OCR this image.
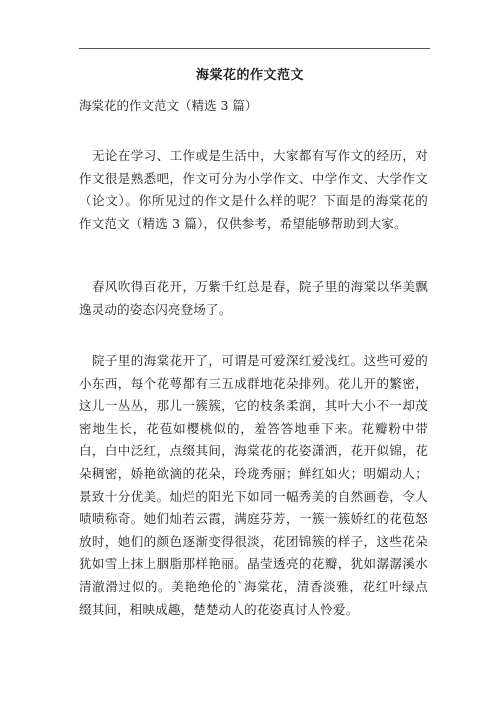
海棠花的作文范文

海棠花的作文范文（精选 3 篇）

无论在学习、工作或是生活中，大家都有写作文的经历，对作文很是熟悉吧，作文可分为小学作文、中学作文、大学作文（论文）。你所见过的作文是什么样的呢？下面是的海棠花的作文范文（精选 3 篇），仅供参考，希望能够帮助到大家。

春风吹得百花开，万紫千红总是春，院子里的海棠以华美飘逸灵动的姿态闪亮登场了。

院子里的海棠花开了，可谓是可爱深红爱浅红。这些可爱的小东西，每个花萼都有三五成群地花朵排列。花儿开的繁密，这儿一丛丛，那儿一簇簇，它的枝条柔润，其叶大小不一却茂密地生长，花苞如樱桃似的，羞答答地垂下来。花瓣粉中带白，白中泛红，点缀其间，海棠花的花姿潇洒，花开似锦，花朵稠密，娇艳欲滴的花朵，玲珑秀丽；鲜红如火；明媚动人；景致十分优美。灿烂的阳光下如同一幅秀美的自然画卷，令人啧啧称奇。她们灿若云霞，满庭芬芳，一簇一簇娇红的花苞怒放时，她们的颜色逐渐变得很淡，花团锦簇的样子，这些花朵犹如雪上抹上胭脂那样艳丽。晶莹透亮的花瓣，犹如潺潺溪水清澈滑过似的。美艳绝伦的`海棠花，清香淡雅，花红叶绿点缀其间，相映成趣，楚楚动人的花姿真讨人怜爱。
